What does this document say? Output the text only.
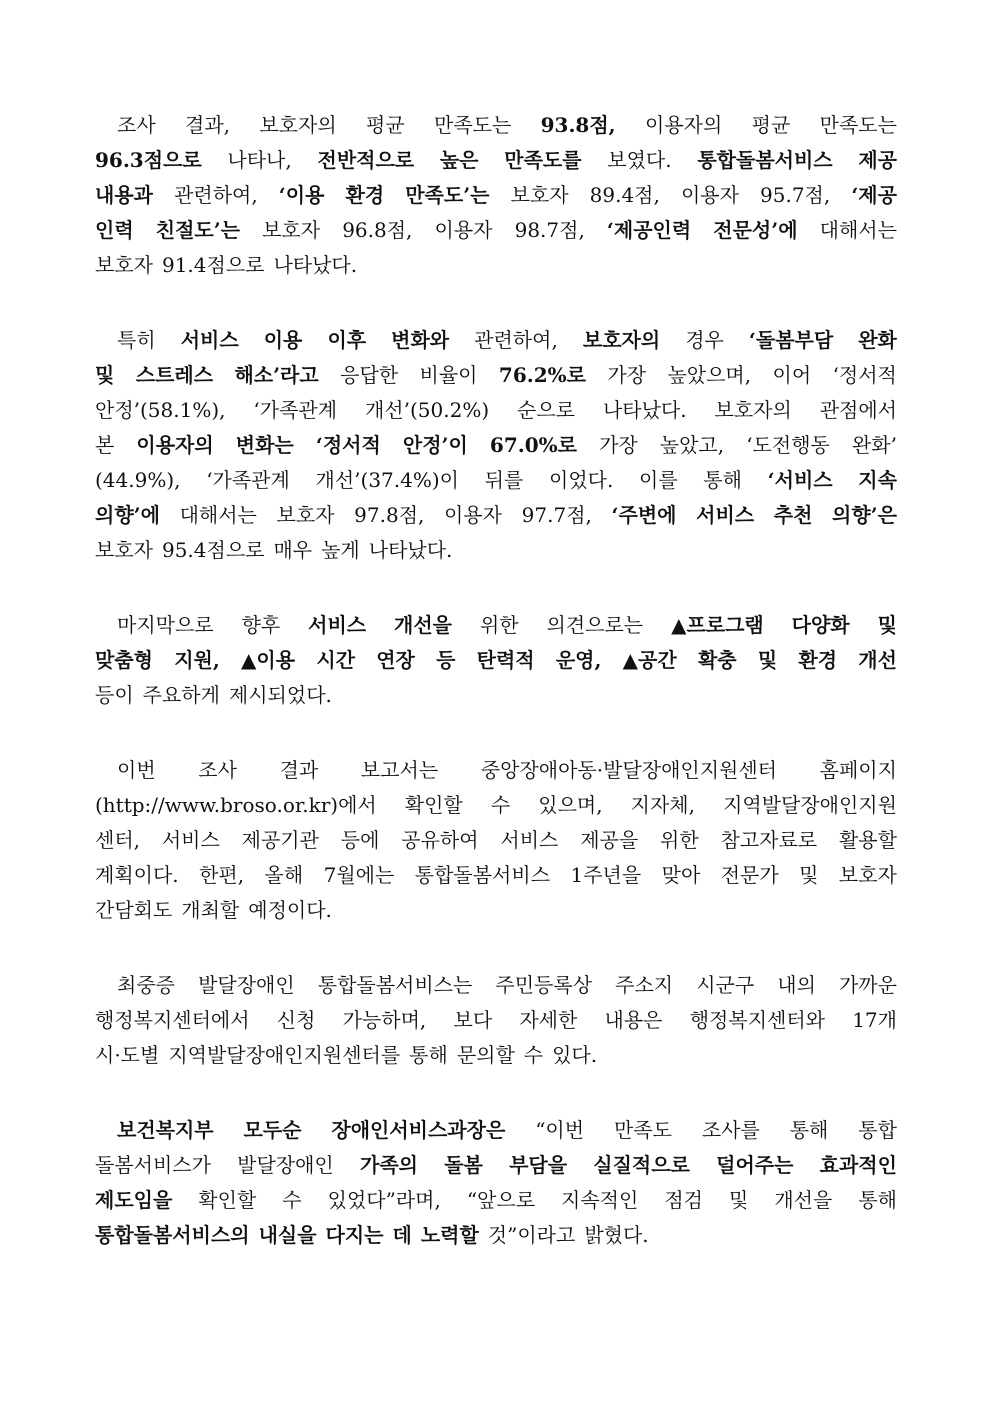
조사 결과, 보호자의 평균 만족도는 93.8점, 이용자의 평균 만족도는
96.3점으로 나타나, 전반적으로 높은 만족도를 보였다. 통합돌봄서비스 제공
내용과 관련하여, ‘이용 환경 만족도’는 보호자 89.4점, 이용자 95.7점, ‘제공
인력 친절도’는 보호자 96.8점, 이용자 98.7점, ‘제공인력 전문성’에 대해서는
보호자 91.4점으로 나타났다.
특히 서비스 이용 이후 변화와 관련하여, 보호자의 경우 ‘돌봄부담 완화
및 스트레스 해소’라고 응답한 비율이 76.2%로 가장 높았으며, 이어 ‘정서적
안정’(58.1%), ‘가족관계 개선’(50.2%) 순으로 나타났다. 보호자의 관점에서
본 이용자의 변화는 ‘정서적 안정’이 67.0%로 가장 높았고, ‘도전행동 완화’
(44.9%), ‘가족관계 개선’(37.4%)이 뒤를 이었다. 이를 통해 ‘서비스 지속
의향’에 대해서는 보호자 97.8점, 이용자 97.7점, ‘주변에 서비스 추천 의향’은
보호자 95.4점으로 매우 높게 나타났다.
마지막으로 향후 서비스 개선을 위한 의견으로는 ▲프로그램 다양화 및
맞춤형 지원, ▲이용 시간 연장 등 탄력적 운영, ▲공간 확충 및 환경 개선
등이 주요하게 제시되었다.
이번 조사 결과 보고서는 중앙장애아동·발달장애인지원센터 홈페이지
(http://www.broso.or.kr)에서 확인할 수 있으며, 지자체, 지역발달장애인지원
센터, 서비스 제공기관 등에 공유하여 서비스 제공을 위한 참고자료로 활용할
계획이다. 한편, 올해 7월에는 통합돌봄서비스 1주년을 맞아 전문가 및 보호자
간담회도 개최할 예정이다.
최중증 발달장애인 통합돌봄서비스는 주민등록상 주소지 시군구 내의 가까운
행정복지센터에서 신청 가능하며, 보다 자세한 내용은 행정복지센터와 17개
시·도별 지역발달장애인지원센터를 통해 문의할 수 있다.
보건복지부 모두순 장애인서비스과장은 “이번 만족도 조사를 통해 통합
돌봄서비스가 발달장애인 가족의 돌봄 부담을 실질적으로 덜어주는 효과적인
제도임을 확인할 수 있었다”라며, “앞으로 지속적인 점검 및 개선을 통해
통합돌봄서비스의 내실을 다지는 데 노력할 것”이라고 밝혔다.
